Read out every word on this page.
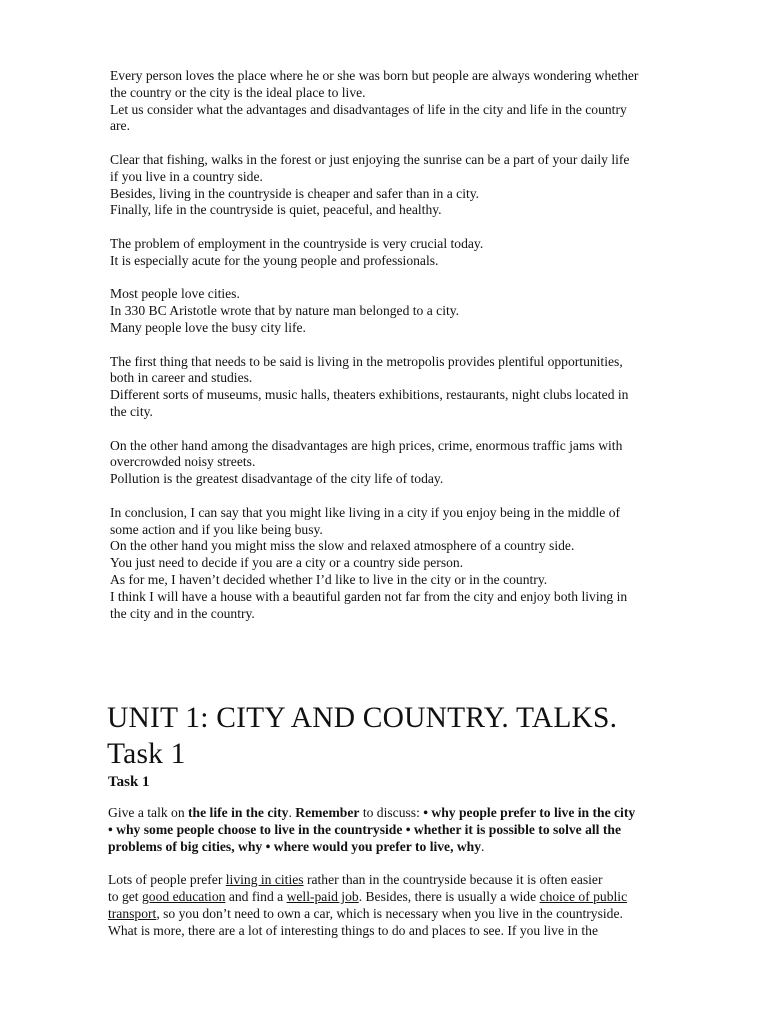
Every person loves the place where he or she was born but people are always wondering whether
the country or the city is the ideal place to live.
Let us consider what the advantages and disadvantages of life in the city and life in the country
are.
Clear that fishing, walks in the forest or just enjoying the sunrise can be a part of your daily life
if you live in a country side.
Besides, living in the countryside is cheaper and safer than in a city.
Finally, life in the countryside is quiet, peaceful, and healthy.
The problem of employment in the countryside is very crucial today.
It is especially acute for the young people and professionals.
Most people love cities.
In 330 BC Aristotle wrote that by nature man belonged to a city.
Many people love the busy city life.
The first thing that needs to be said is living in the metropolis provides plentiful opportunities,
both in career and studies.
Different sorts of museums, music halls, theaters exhibitions, restaurants, night clubs located in
the city.
On the other hand among the disadvantages are high prices, crime, enormous traffic jams with
overcrowded noisy streets.
Pollution is the greatest disadvantage of the city life of today.
In conclusion, I can say that you might like living in a city if you enjoy being in the middle of
some action and if you like being busy.
On the other hand you might miss the slow and relaxed atmosphere of a country side.
You just need to decide if you are a city or a country side person.
As for me, I haven’t decided whether I’d like to live in the city or in the country.
I think I will have a house with a beautiful garden not far from the city and enjoy both living in
the city and in the country.
UNIT 1: CITY AND COUNTRY. TALKS.
Task 1
Task 1
Give a talk on the life in the city. Remember to discuss: • why people prefer to live in the city
• why some people choose to live in the countryside • whether it is possible to solve all the
problems of big cities, why • where would you prefer to live, why.
Lots of people prefer living in cities rather than in the countryside because it is often easier
to get good education and find a well-paid job. Besides, there is usually a wide choice of public
transport, so you don’t need to own a car, which is necessary when you live in the countryside.
What is more, there are a lot of interesting things to do and places to see. If you live in the
